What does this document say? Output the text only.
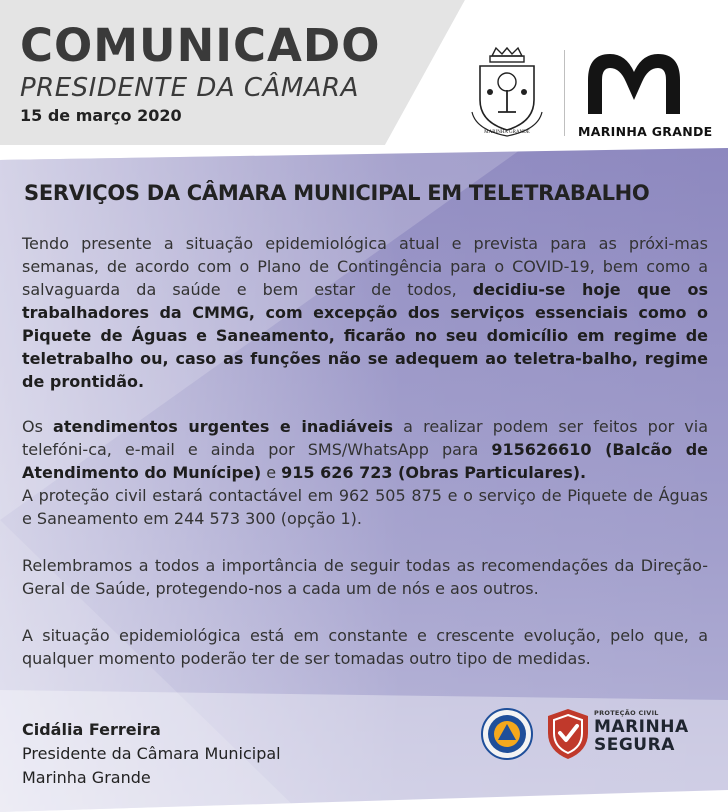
COMUNICADO
PRESIDENTE DA CÂMARA
15 de março 2020
MARINHA GRANDE	MARINHA GRANDE
SERVIÇOS DA CÂMARA MUNICIPAL EM TELETRABALHO
Tendo presente a situação epidemiológica atual e prevista para as próxi-mas semanas, de acordo com o Plano de Contingência para o COVID-19, bem como a salvaguarda da saúde e bem estar de todos, decidiu-se hoje que os trabalhadores da CMMG, com excepção dos serviços essenciais como o Piquete de Águas e Saneamento, ficarão no seu domicílio em regime de teletrabalho ou, caso as funções não se adequem ao teletra-balho, regime de prontidão.
Os atendimentos urgentes e inadiáveis a realizar podem ser feitos por via telefóni-ca, e-mail e ainda por SMS/WhatsApp para 915626610 (Balcão de Atendimento do Munícipe) e 915 626 723 (Obras Particulares).
A proteção civil estará contactável em 962 505 875 e o serviço de Piquete de Águas e Saneamento em 244 573 300 (opção 1).
Relembramos a todos a importância de seguir todas as recomendações da Direção-Geral de Saúde, protegendo-nos a cada um de nós e aos outros.
A situação epidemiológica está em constante e crescente evolução, pelo que, a qualquer momento poderão ter de ser tomadas outro tipo de medidas.
Cidália Ferreira
Presidente da Câmara Municipal
Marinha Grande
PROTEÇÃO CIVIL
MARINHA
SEGURA
